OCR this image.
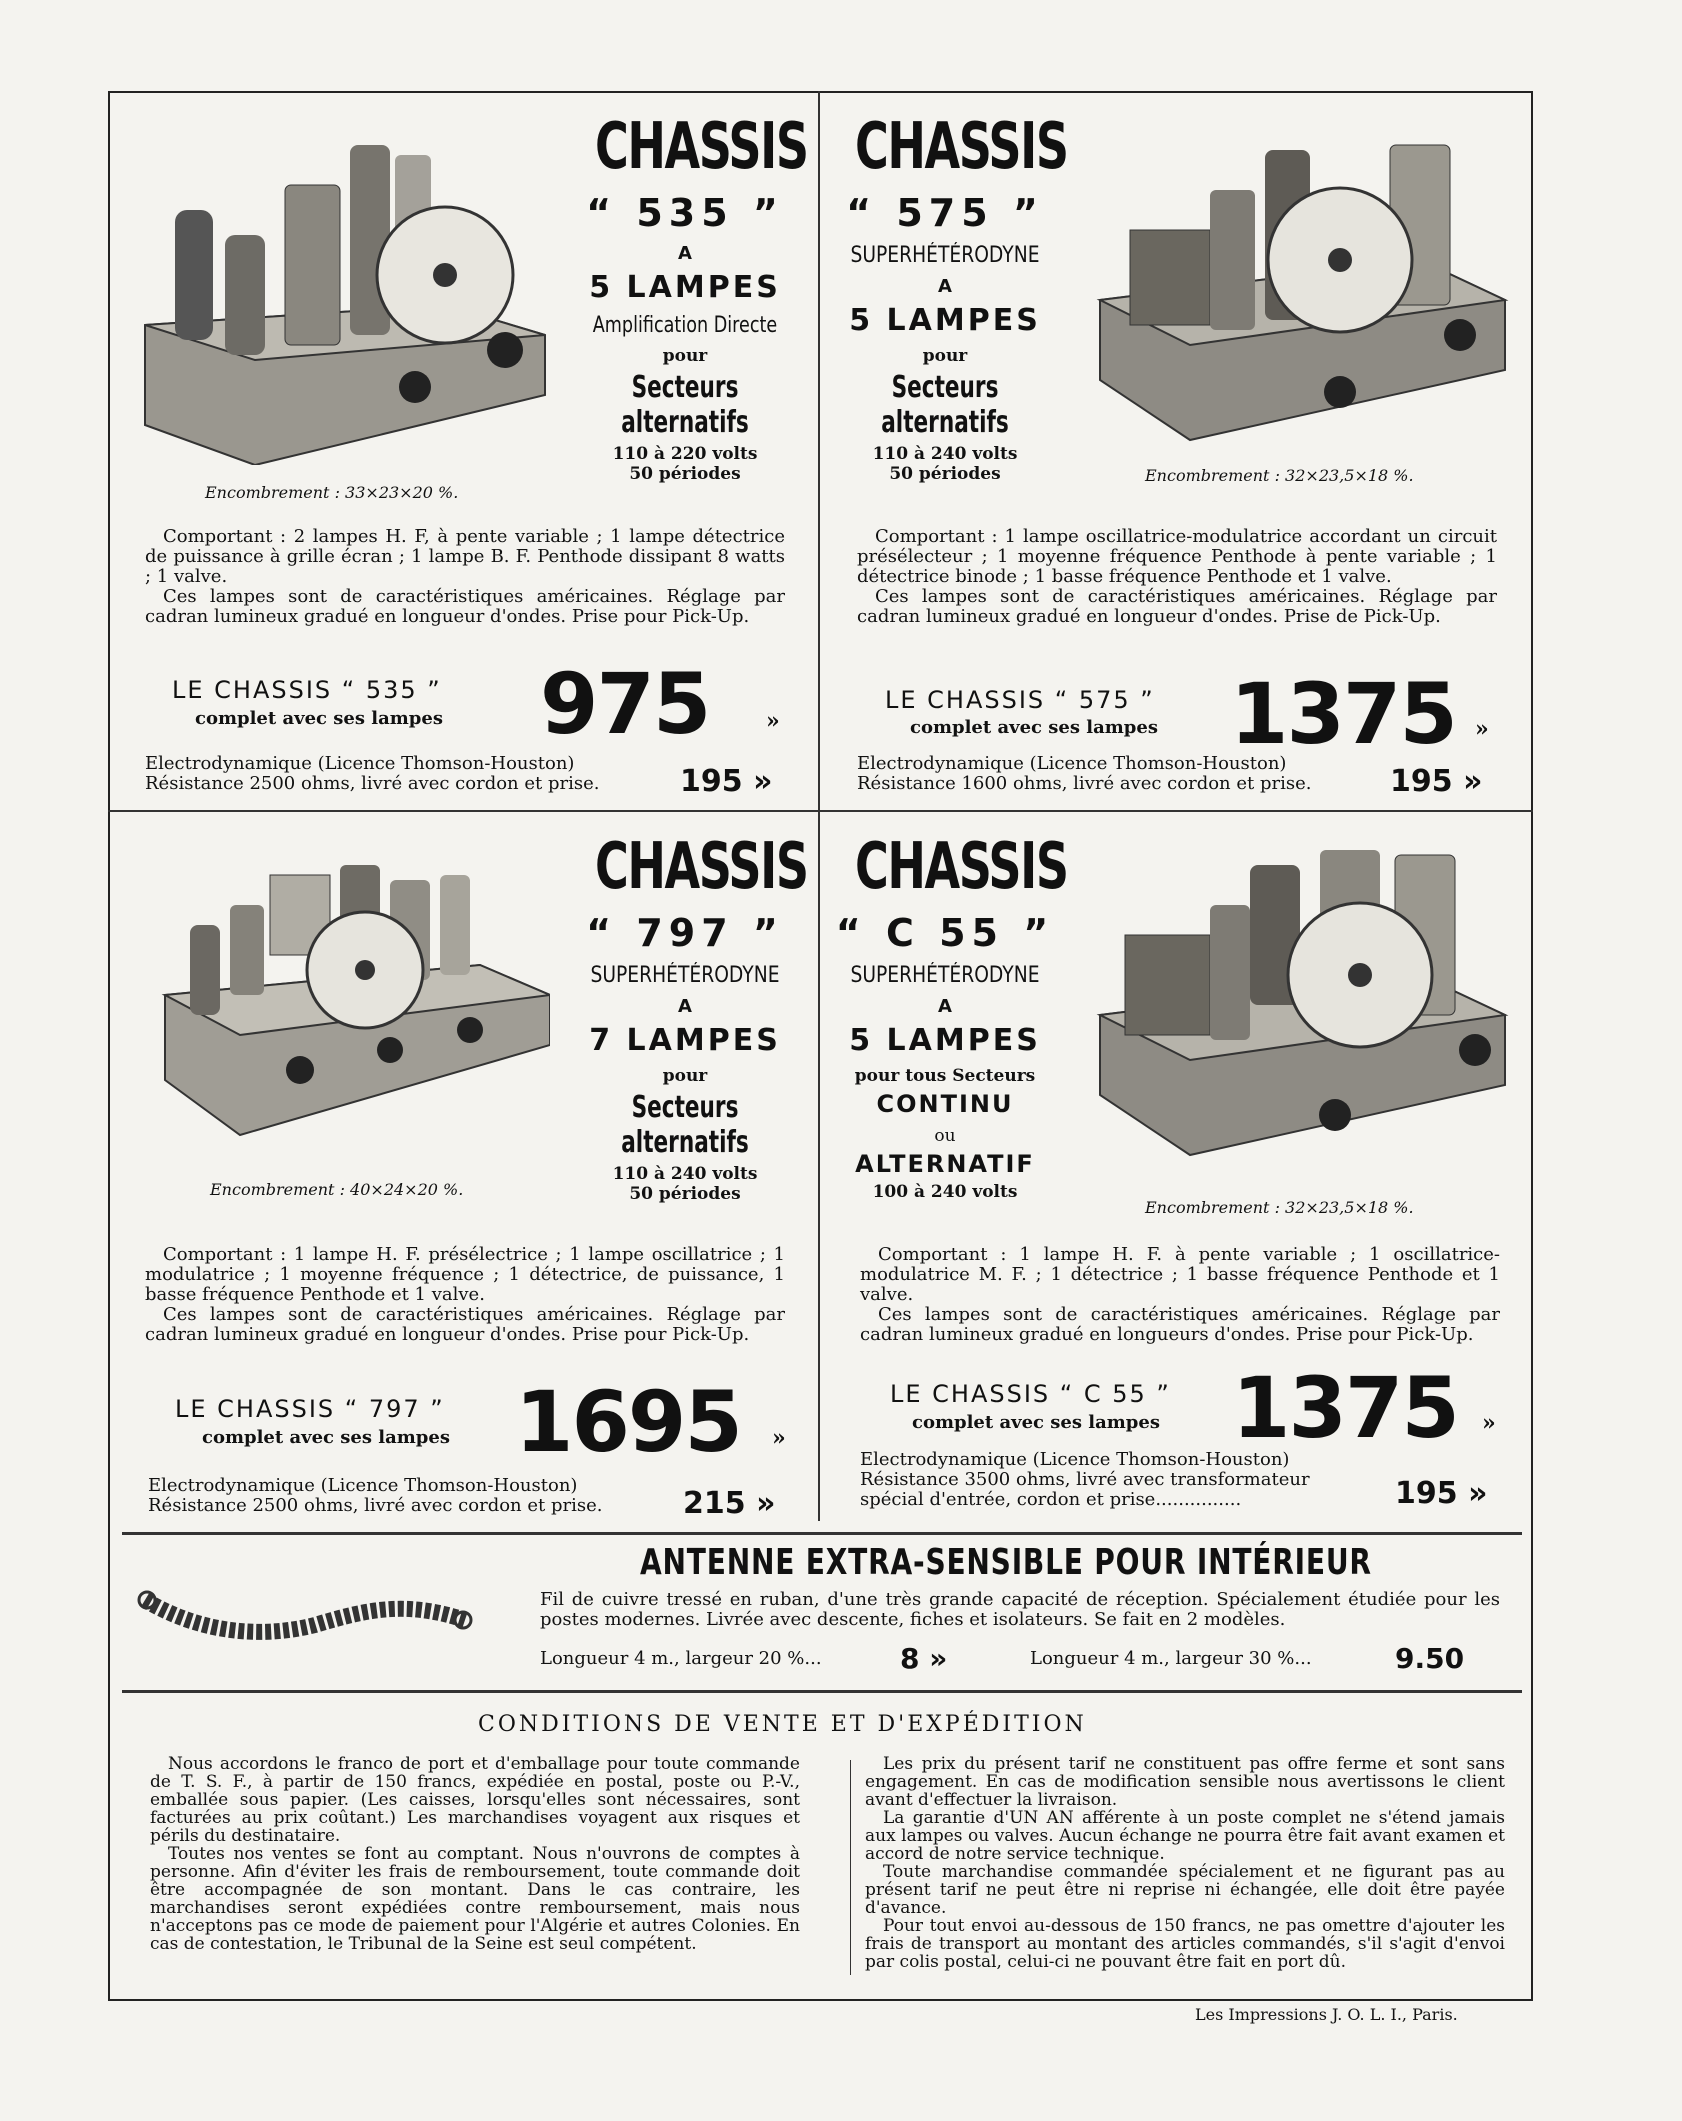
CHASSIS
“ 535 ”
A
5 LAMPES
Amplification Directe
pour
Secteurs alternatifs
110 à 220 volts
50 périodes
Encombrement : 33×23×20 %.

Comportant : 2 lampes H. F, à pente variable ; 1 lampe détectrice de puissance à grille écran ; 1 lampe B. F. Penthode dissipant 8 watts ; 1 valve.

Ces lampes sont de caractéristiques américaines. Réglage par cadran lumineux gradué en longueur d'ondes. Prise pour Pick-Up.

LE CHASSIS “ 535 ”
complet avec ses lampes 975	»
Electrodynamique (Licence Thomson-Houston)
Résistance 2500 ohms, livré avec cordon et prise.	195 »
CHASSIS
“ 575 ”
SUPERHÉTÉRODYNE
A
5 LAMPES
pour
Secteurs alternatifs
110 à 240 volts
50 périodes	Encombrement : 32×23,5×18 %.

Comportant : 1 lampe oscillatrice-modulatrice accordant un circuit présélecteur ; 1 moyenne fréquence Penthode à pente variable ; 1 détectrice binode ; 1 basse fréquence Penthode et 1 valve.

Ces lampes sont de caractéristiques américaines. Réglage par cadran lumineux gradué en longueur d'ondes. Prise de Pick-Up.

LE CHASSIS “ 575 ”
complet avec ses lampes 1375 »
Electrodynamique (Licence Thomson-Houston)
Résistance 1600 ohms, livré avec cordon et prise.	195 »
CHASSIS
“ 797 ”
SUPERHÉTÉRODYNE
A
7 LAMPES
pour
Secteurs alternatifs
110 à 240 volts
50 périodes
Encombrement : 40×24×20 %.

Comportant : 1 lampe H. F. présélectrice ; 1 lampe oscillatrice ; 1 modulatrice ; 1 moyenne fréquence ; 1 détectrice, de puissance, 1 basse fréquence Penthode et 1 valve.

Ces lampes sont de caractéristiques américaines. Réglage par cadran lumineux gradué en longueur d'ondes. Prise pour Pick-Up.

LE CHASSIS “ 797 ”
complet avec ses lampes 1695 »
Electrodynamique (Licence Thomson-Houston)
Résistance 2500 ohms, livré avec cordon et prise.	215 »
CHASSIS
“ C 55 ”
SUPERHÉTÉRODYNE
A
5 LAMPES
pour tous Secteurs
CONTINU
ou
ALTERNATIF
100 à 240 volts
Encombrement : 32×23,5×18 %.

Comportant : 1 lampe H. F. à pente variable ; 1 oscillatrice-modulatrice M. F. ; 1 détectrice ; 1 basse fréquence Penthode et 1 valve.

Ces lampes sont de caractéristiques américaines. Réglage par cadran lumineux gradué en longueurs d'ondes. Prise pour Pick-Up.

LE CHASSIS “ C 55 ”
complet avec ses lampes 1375 »
Electrodynamique (Licence Thomson-Houston)
Résistance 3500 ohms, livré avec transformateur
spécial d'entrée, cordon et prise...............	195 »
ANTENNE EXTRA-SENSIBLE POUR INTÉRIEUR
Fil de cuivre tressé en ruban, d'une très grande capacité de réception. Spécialement étudiée pour les postes modernes. Livrée avec descente, fiches et isolateurs. Se fait en 2 modèles.
Longueur 4 m., largeur 20 %...	8 »	Longueur 4 m., largeur 30 %...	9.50
CONDITIONS DE VENTE ET D'EXPÉDITION

Nous accordons le franco de port et d'emballage pour toute commande de T. S. F., à partir de 150 francs, expédiée en postal, poste ou P.-V., emballée sous papier. (Les caisses, lorsqu'elles sont nécessaires, sont facturées au prix coûtant.) Les marchandises voyagent aux risques et périls du destinataire.

Toutes nos ventes se font au comptant. Nous n'ouvrons de comptes à personne. Afin d'éviter les frais de remboursement, toute commande doit être accompagnée de son montant. Dans le cas contraire, les marchandises seront expédiées contre remboursement, mais nous n'acceptons pas ce mode de paiement pour l'Algérie et autres Colonies. En cas de contestation, le Tribunal de la Seine est seul compétent.

Les prix du présent tarif ne constituent pas offre ferme et sont sans engagement. En cas de modification sensible nous avertissons le client avant d'effectuer la livraison.

La garantie d'UN AN afférente à un poste complet ne s'étend jamais aux lampes ou valves. Aucun échange ne pourra être fait avant examen et accord de notre service technique.

Toute marchandise commandée spécialement et ne figurant pas au présent tarif ne peut être ni reprise ni échangée, elle doit être payée d'avance.

Pour tout envoi au-dessous de 150 francs, ne pas omettre d'ajouter les frais de transport au montant des articles commandés, s'il s'agit d'envoi par colis postal, celui-ci ne pouvant être fait en port dû.

Les Impressions J. O. L. I., Paris.
